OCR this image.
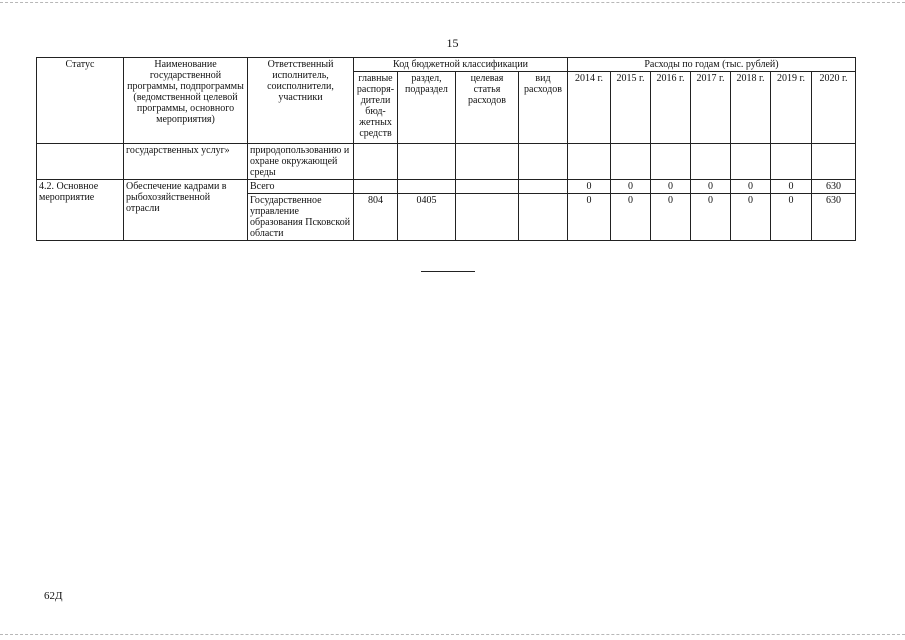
15
Статус	Наименование государственной программы, подпрограммы (ведомственной целевой программы, основного мероприятия)	Ответственный исполнитель, соисполнители, участники	Код бюджетной классификации				Расходы по годам (тыс. рублей)						
			главные распоря-дители бюд-жетных средств	раздел, подраздел	целевая статья расходов	вид расходов	2014 г.	2015 г.	2016 г.	2017 г.	2018 г.	2019 г.	2020 г.
	государственных услуг»	природопользованию и охране окружающей среды											
4.2. Основное мероприятие	Обеспечение кадрами в рыбохозяйственной отрасли	Всего					0	0	0	0	0	0	630
		Государственное управление образования Псковской области	804	0405			0	0	0	0	0	0	630
62Д
